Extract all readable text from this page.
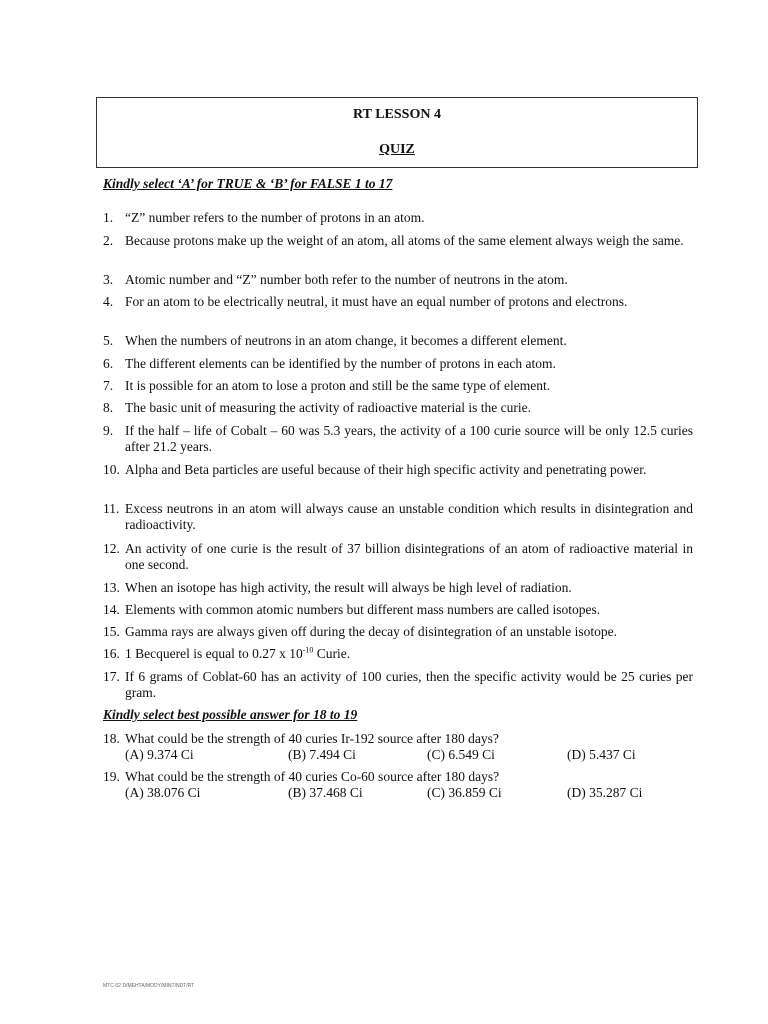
RT LESSON 4
QUIZ
Kindly select ‘A’ for TRUE & ‘B’ for FALSE 1 to 17
1. “Z” number refers to the number of protons in an atom.
2. Because protons make up the weight of an atom, all atoms of the same element always weigh the same.
3. Atomic number and “Z” number both refer to the number of neutrons in the atom.
4. For an atom to be electrically neutral, it must have an equal number of protons and electrons.
5. When the numbers of neutrons in an atom change, it becomes a different element.
6. The different elements can be identified by the number of protons in each atom.
7. It is possible for an atom to lose a proton and still be the same type of element.
8. The basic unit of measuring the activity of radioactive material is the curie.
9. If the half – life of Cobalt – 60 was 5.3 years, the activity of a 100 curie source will be only 12.5 curies after 21.2 years.
10. Alpha and Beta particles are useful because of their high specific activity and penetrating power.
11. Excess neutrons in an atom will always cause an unstable condition which results in disintegration and radioactivity.
12. An activity of one curie is the result of 37 billion disintegrations of an atom of radioactive material in one second.
13. When an isotope has high activity, the result will always be high level of radiation.
14. Elements with common atomic numbers but different mass numbers are called isotopes.
15. Gamma rays are always given off during the decay of disintegration of an unstable isotope.
16. 1 Becquerel is equal to 0.27 x $10^{-10}$ Curie.
17. If 6 grams of Coblat-60 has an activity of 100 curies, then the specific activity would be 25 curies per gram.
Kindly select best possible answer for 18 to 19
18. What could be the strength of 40 curies Ir-192 source after 180 days?
(A) 9.374 Ci	(B) 7.494 Ci	(C) 6.549 Ci	(D) 5.437 Ci
19. What could be the strength of 40 curies Co-60 source after 180 days?
(A) 38.076 Ci	(B) 37.468 Ci	(C) 36.859 Ci	(D) 35.287 Ci
MTC-02 D/MEHTA/MODY/MINT/NDT/RT
